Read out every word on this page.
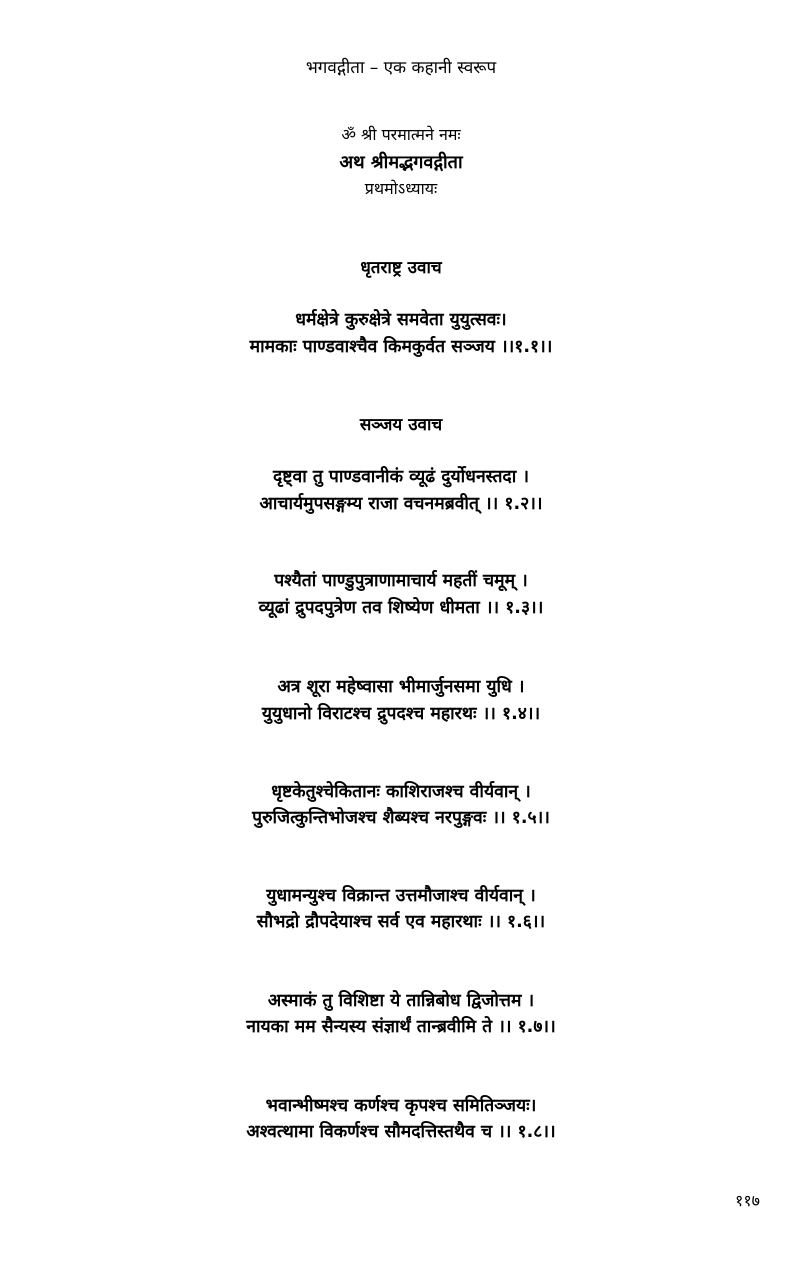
भगवद्गीता – एक कहानी स्वरूप
ॐ श्री परमात्मने नमः
अथ श्रीमद्भगवद्गीता
प्रथमोऽध्यायः
धृतराष्ट्र उवाच
धर्मक्षेत्रे कुरुक्षेत्रे समवेता युयुत्सवः।
मामकाः पाण्डवाश्चैव किमकुर्वत सञ्जय ।।१.१।।
सञ्जय उवाच
दृष्ट्वा तु पाण्डवानीकं व्यूढं दुर्योधनस्तदा ।
आचार्यमुपसङ्गम्य राजा वचनमब्रवीत् ।। १.२।।
पश्यैतां पाण्डुपुत्राणामाचार्य महतीं चमूम् ।
व्यूढां द्रुपदपुत्रेण तव शिष्येण धीमता ।। १.३।।
अत्र शूरा महेष्वासा भीमार्जुनसमा युधि ।
युयुधानो विराटश्च द्रुपदश्च महारथः ।। १.४।।
धृष्टकेतुश्चेकितानः काशिराजश्च वीर्यवान् ।
पुरुजित्कुन्तिभोजश्च शैब्यश्च नरपुङ्गवः ।। १.५।।
युधामन्युश्च विक्रान्त उत्तमौजाश्च वीर्यवान् ।
सौभद्रो द्रौपदेयाश्च सर्व एव महारथाः ।। १.६।।
अस्माकं तु विशिष्टा ये तान्निबोध द्विजोत्तम ।
नायका मम सैन्यस्य संज्ञार्थं तान्ब्रवीमि ते ।। १.७।।
भवान्भीष्मश्च कर्णश्च कृपश्च समितिञ्जयः।
अश्वत्थामा विकर्णश्च सौमदत्तिस्तथैव च ।। १.८।।
११७
